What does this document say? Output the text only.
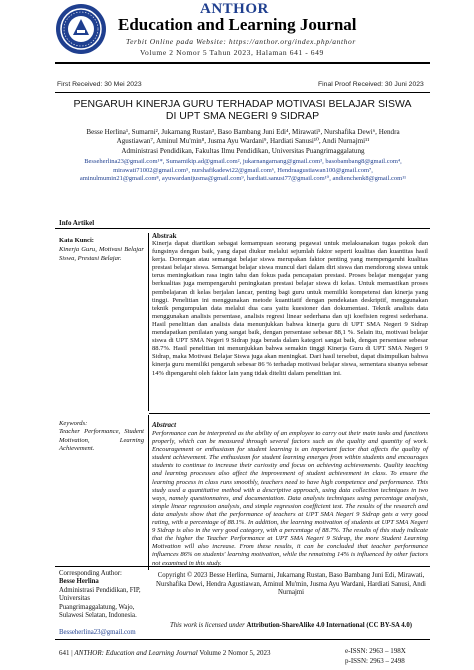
ANTHOR
Education and Learning Journal
Terbit Online pada Website: https://anthor.org/index.php/anthor
Volume 2 Nomor 5 Tahun 2023, Halaman 641 - 649
First Received: 30 Mei 2023	Final Proof Received: 30 Juni 2023
PENGARUH KINERJA GURU TERHADAP MOTIVASI BELAJAR SISWA
DI UPT SMA NEGERI 9 SIDRAP
Besse Herlina¹, Sumarni², Jukarnang Rustan³, Baso Bambang Juni Edi⁴, Mirawati⁵, Nurshafika Dewi⁶, Hendra
Agustiawan⁷, Aminul Mu'min⁸, Jusma Ayu Wardani⁹, Hardiati Sanusi¹⁰, Andi Nurnajmi¹¹
Administrasi Pendidikan, Fakultas Ilmu Pendidikan, Universitas Puangrimaggalatung
Besseherlina23@gmail.com¹*, Sumarnikip.ad@gmail.com², jukarnangarnang@gmail.com³, basobambang8@gmail.com⁴,
mirawati71002@gmail.com⁵, nurshafikadewi22@gmail.com⁶, Hendraagustiawan100@gmail.com⁷,
aminulmumin21@gmail.com⁸, ayuwardanijusma@gmail.com⁹, hardiati.sanusi77@gmail.com¹⁰, andienchenk8@gmail.com¹¹
Info Artikel
Kata Kunci:
Kinerja Guru, Motivasi Belajar Siswa, Prestasi Belajar.
Abstrak
Kinerja dapat diartikan sebagai kemampuan seorang pegawai untuk melaksanakan tugas pokok dan fungsinya dengan baik, yang dapat diukur melalui sejumlah faktor seperti kualitas dan kuantitas hasil kerja. Dorongan atau semangat belajar siswa merupakan faktor penting yang mempengaruhi kualitas prestasi belajar siswa. Semangat belajar siswa muncul dari dalam diri siswa dan mendorong siswa untuk terus meningkatkan rasa ingin tahu dan fokus pada pencapaian prestasi. Proses belajar mengajar yang berkualitas juga mempengaruhi peningkatan prestasi belajar siswa di kelas. Untuk memastikan proses pembelajaran di kelas berjalan lancar, penting bagi guru untuk memiliki kompetensi dan kinerja yang tinggi. Penelitian ini menggunakan metode kuantitatif dengan pendekatan deskriptif, menggunakan teknik pengumpulan data melalui dua cara yaitu kuesioner dan dokumentasi. Teknik analisis data menggunakan analisis persentase, analisis regresi linear sederhana dan uji koefisien regresi sederhana. Hasil penelitian dan analisis data menunjukkan bahwa kinerja guru di UPT SMA Negeri 9 Sidrap mendapatkan penilaian yang sangat baik, dengan persentase sebesar 88,1 %. Selain itu, motivasi belajar siswa di UPT SMA Negeri 9 Sidrap juga berada dalam kategori sangat baik, dengan persentase sebesar 88.7%. Hasil penelitian ini menunjukkan bahwa semakin tinggi Kinerja Guru di UPT SMA Negeri 9 Sidrap, maka Motivasi Belajar Siswa juga akan meningkat. Dari hasil tersebut, dapat disimpulkan bahwa kinerja guru memiliki pengaruh sebesar 86 % terhadap motivasi belajar siswa, sementara sisanya sebesar 14% dipengaruhi oleh faktor lain yang tidak diteliti dalam penelitian ini.
Keywords:
Teacher Performance, Student Motivation, Learning Achievement.
Abstract
Performance can be interpreted as the ability of an employee to carry out their main tasks and functions properly, which can be measured through several factors such as the quality and quantity of work. Encouragement or enthusiasm for student learning is an important factor that affects the quality of student achievement. The enthusiasm for student learning emerges from within students and encourages students to continue to increase their curiosity and focus on achieving achievements. Quality teaching and learning processes also affect the improvement of student achievement in class. To ensure the learning process in class runs smoothly, teachers need to have high competence and performance. This study used a quantitative method with a descriptive approach, using data collection techniques in two ways, namely questionnaires, and documentation. Data analysis techniques using percentage analysis, simple linear regression analysis, and simple regression coefficient test. The results of the research and data analysis show that the performance of teachers at UPT SMA Negeri 9 Sidrap gets a very good rating, with a percentage of 88.1%. In addition, the learning motivation of students at UPT SMA Negeri 9 Sidrap is also in the very good category, with a percentage of 88.7%. The results of this study indicate that the higher the Teacher Performance at UPT SMA Negeri 9 Sidrap, the more Student Learning Motivation will also increase. From these results, it can be concluded that teacher performance influences 86% on students' learning motivation, while the remaining 14% is influenced by other factors not examined in this study.
Corresponding Author:
Besse Herlina
Administrasi Pendidikan, FIP, Universitas Puangrimaggalatung, Wajo, Sulawesi Selatan, Indonesia.
Besseherlina23@gmail.com
Copyright © 2023 Besse Herlina, Sumarni, Jukarnang Rustan, Baso Bambang Juni Edi, Mirawati, Nurshafika Dewi, Hendra Agustiawan, Aminul Mu'min, Jusma Ayu Wardani, Hardiati Sanusi, Andi Nurnajmi
This work is licensed under Attribution-ShareAlike 4.0 International (CC BY-SA 4.0)
641 | ANTHOR: Education and Learning Journal Volume 2 Nomor 5, 2023	e-ISSN: 2963 – 198X
p-ISSN: 2963 – 2498
